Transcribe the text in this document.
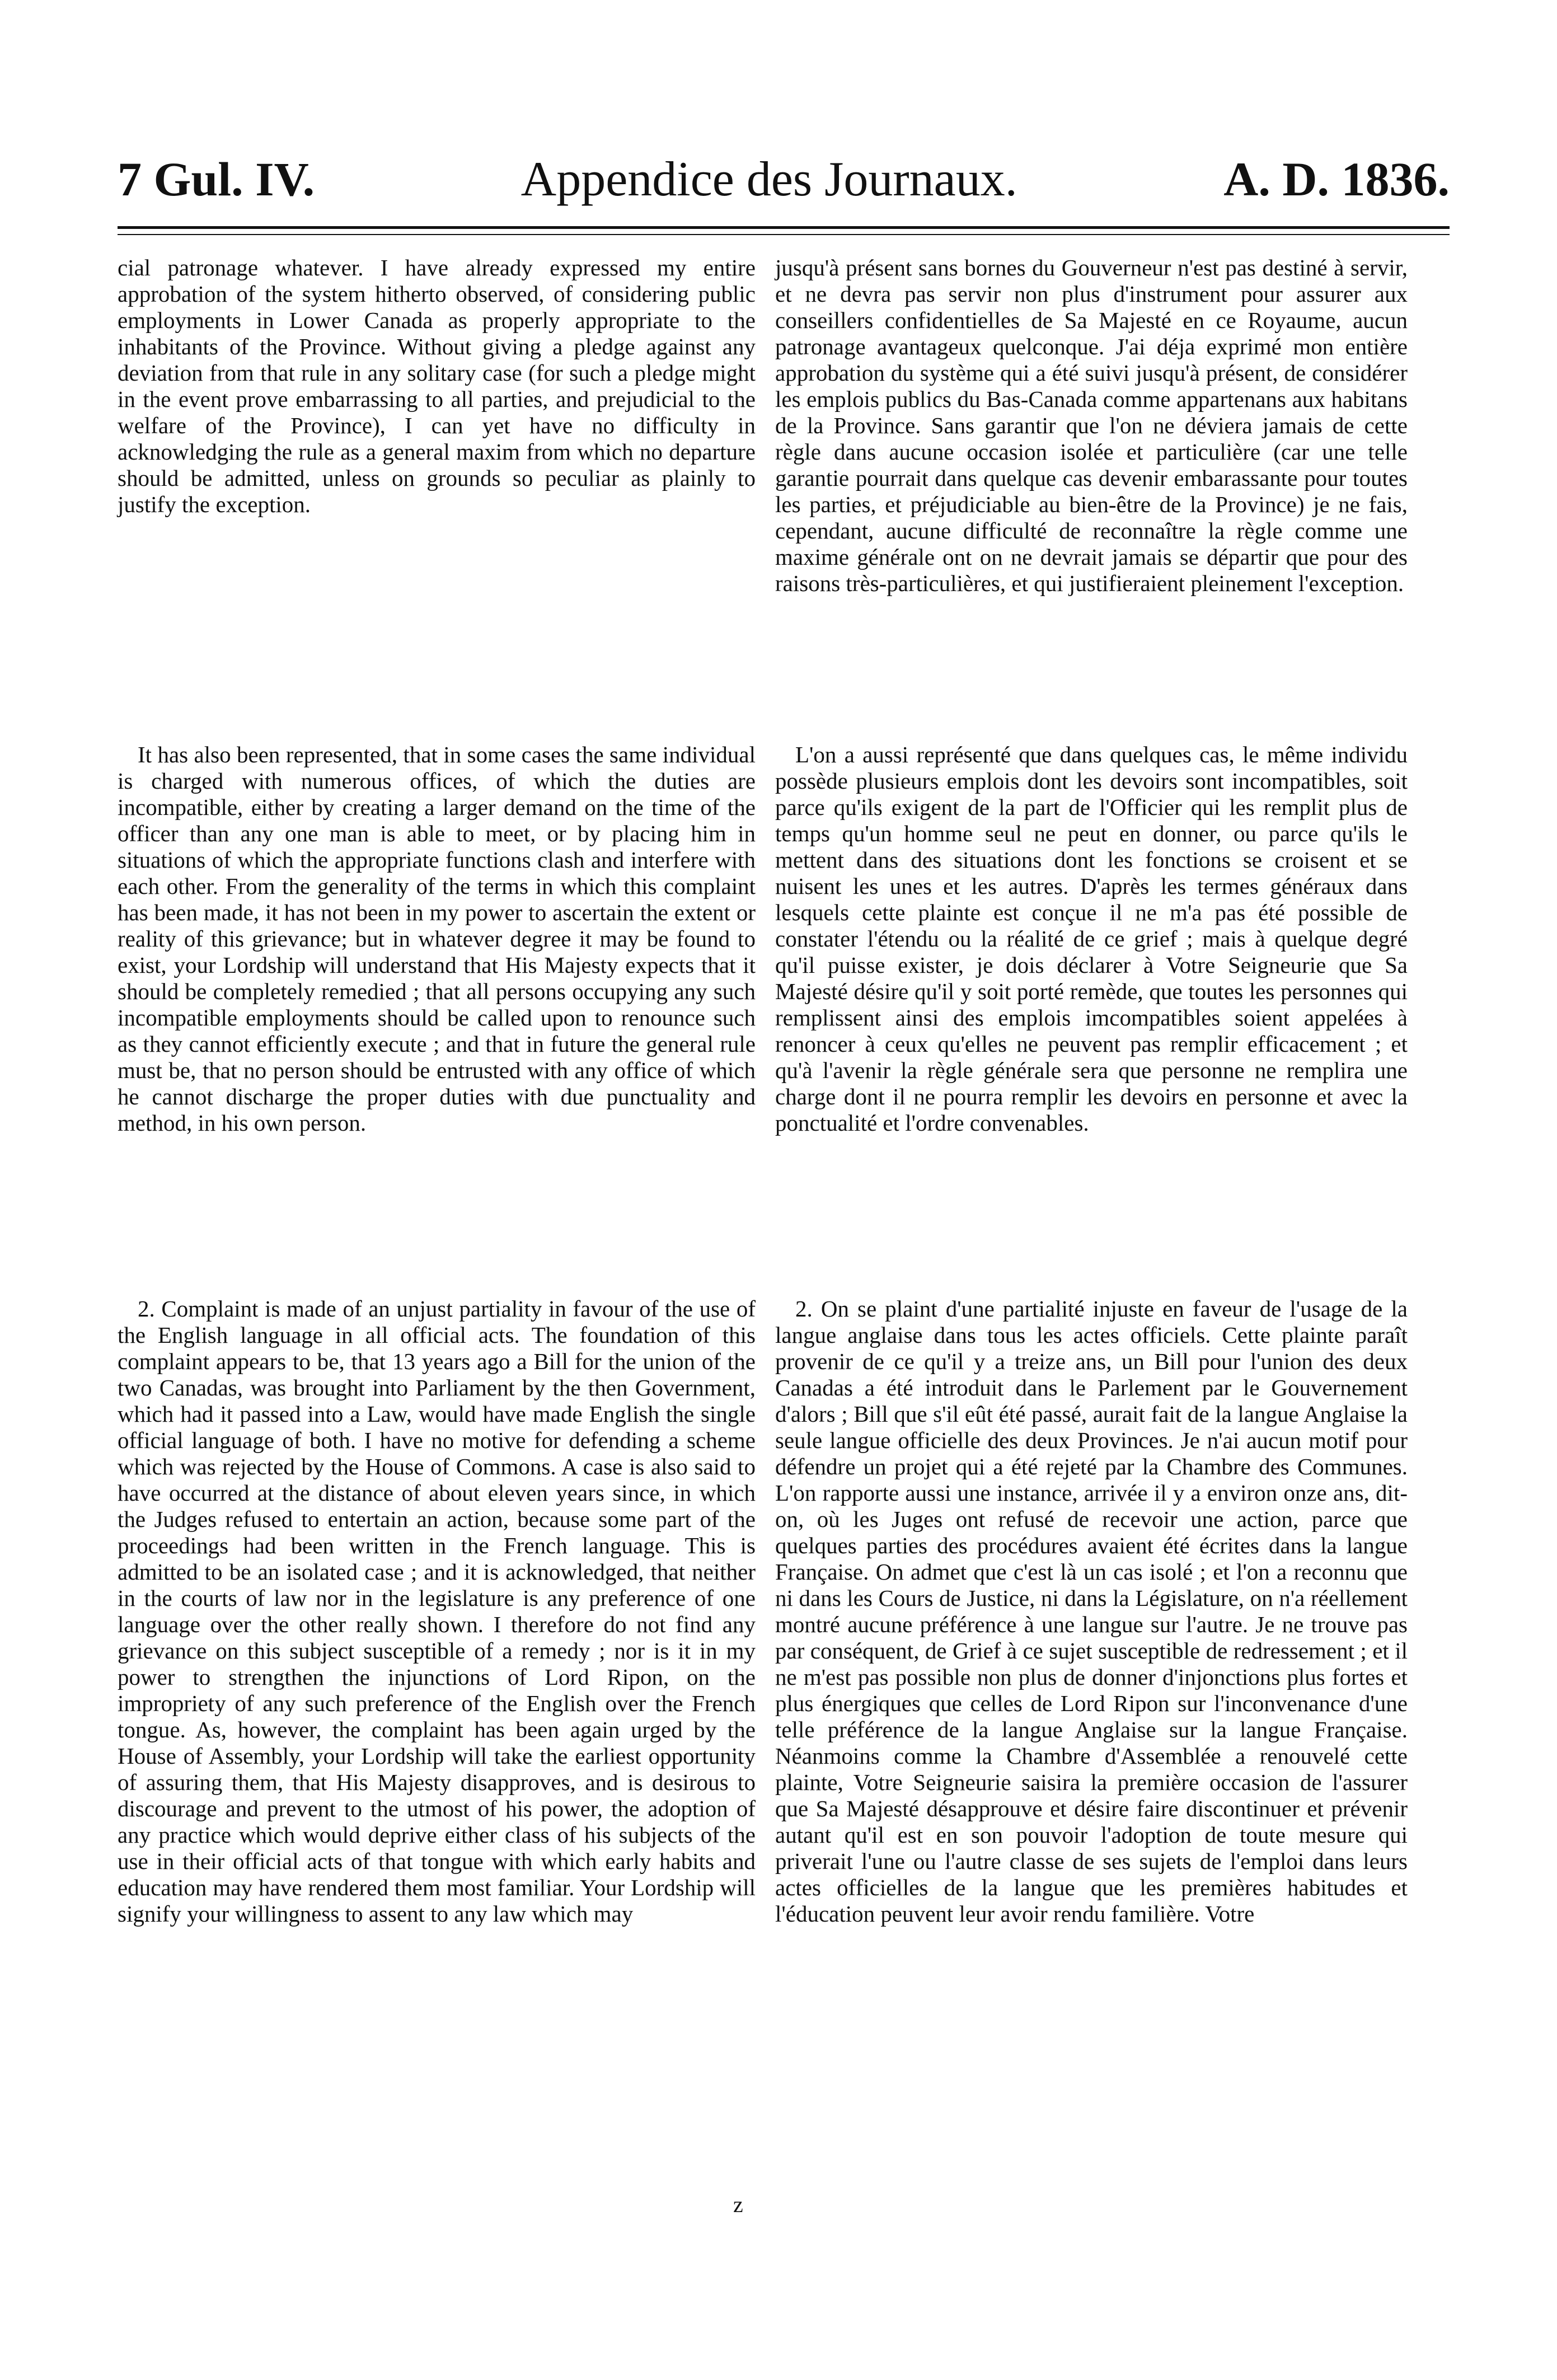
7 Gul. IV.	Appendice des Journaux.	A. D. 1836.

cial patronage whatever. I have already expressed my entire approbation of the system hitherto observed, of considering public employments in Lower Canada as properly appropriate to the inhabitants of the Province. Without giving a pledge against any deviation from that rule in any solitary case (for such a pledge might in the event prove embarrassing to all parties, and prejudicial to the welfare of the Province), I can yet have no difficulty in acknowledging the rule as a general maxim from which no departure should be admitted, unless on grounds so peculiar as plainly to justify the exception.

jusqu'à présent sans bornes du Gouverneur n'est pas destiné à servir, et ne devra pas servir non plus d'instrument pour assurer aux conseillers confidentielles de Sa Majesté en ce Royaume, aucun patronage avantageux quelconque. J'ai déja exprimé mon entière approbation du système qui a été suivi jusqu'à présent, de considérer les emplois publics du Bas-Canada comme appartenans aux habitans de la Province. Sans garantir que l'on ne déviera jamais de cette règle dans aucune occasion isolée et particulière (car une telle garantie pourrait dans quelque cas devenir embarassante pour toutes les parties, et préjudiciable au bien-être de la Province) je ne fais, cependant, aucune difficulté de reconnaître la règle comme une maxime générale ont on ne devrait jamais se départir que pour des raisons très-particulières, et qui justifieraient pleinement l'exception.

It has also been represented, that in some cases the same individual is charged with numerous offices, of which the duties are incompatible, either by creating a larger demand on the time of the officer than any one man is able to meet, or by placing him in situations of which the appropriate functions clash and interfere with each other. From the generality of the terms in which this complaint has been made, it has not been in my power to ascertain the extent or reality of this grievance; but in whatever degree it may be found to exist, your Lordship will understand that His Majesty expects that it should be completely remedied ; that all persons occupying any such incompatible employments should be called upon to renounce such as they cannot efficiently execute ; and that in future the general rule must be, that no person should be entrusted with any office of which he cannot discharge the proper duties with due punctuality and method, in his own person.

L'on a aussi représenté que dans quelques cas, le même individu possède plusieurs emplois dont les devoirs sont incompatibles, soit parce qu'ils exigent de la part de l'Officier qui les remplit plus de temps qu'un homme seul ne peut en donner, ou parce qu'ils le mettent dans des situations dont les fonctions se croisent et se nuisent les unes et les autres. D'après les termes généraux dans lesquels cette plainte est conçue il ne m'a pas été possible de constater l'étendu ou la réalité de ce grief ; mais à quelque degré qu'il puisse exister, je dois déclarer à Votre Seigneurie que Sa Majesté désire qu'il y soit porté remède, que toutes les personnes qui remplissent ainsi des emplois imcompatibles soient appelées à renoncer à ceux qu'elles ne peuvent pas remplir efficacement ; et qu'à l'avenir la règle générale sera que personne ne remplira une charge dont il ne pourra remplir les devoirs en personne et avec la ponctualité et l'ordre convenables.

2. Complaint is made of an unjust partiality in favour of the use of the English language in all official acts. The foundation of this complaint appears to be, that 13 years ago a Bill for the union of the two Canadas, was brought into Parliament by the then Government, which had it passed into a Law, would have made English the single official language of both. I have no motive for defending a scheme which was rejected by the House of Commons. A case is also said to have occurred at the distance of about eleven years since, in which the Judges refused to entertain an action, because some part of the proceedings had been written in the French language. This is admitted to be an isolated case ; and it is acknowledged, that neither in the courts of law nor in the legislature is any preference of one language over the other really shown. I therefore do not find any grievance on this subject susceptible of a remedy ; nor is it in my power to strengthen the injunctions of Lord Ripon, on the impropriety of any such preference of the English over the French tongue. As, however, the complaint has been again urged by the House of Assembly, your Lordship will take the earliest opportunity of assuring them, that His Majesty disapproves, and is desirous to discourage and prevent to the utmost of his power, the adoption of any practice which would deprive either class of his subjects of the use in their official acts of that tongue with which early habits and education may have rendered them most familiar. Your Lordship will signify your willingness to assent to any law which may

2. On se plaint d'une partialité injuste en faveur de l'usage de la langue anglaise dans tous les actes officiels. Cette plainte paraît provenir de ce qu'il y a treize ans, un Bill pour l'union des deux Canadas a été introduit dans le Parlement par le Gouvernement d'alors ; Bill que s'il eût été passé, aurait fait de la langue Anglaise la seule langue officielle des deux Provinces. Je n'ai aucun motif pour défendre un projet qui a été rejeté par la Chambre des Communes. L'on rapporte aussi une instance, arrivée il y a environ onze ans, dit-on, où les Juges ont refusé de recevoir une action, parce que quelques parties des procédures avaient été écrites dans la langue Française. On admet que c'est là un cas isolé ; et l'on a reconnu que ni dans les Cours de Justice, ni dans la Législature, on n'a réellement montré aucune préférence à une langue sur l'autre. Je ne trouve pas par conséquent, de Grief à ce sujet susceptible de redressement ; et il ne m'est pas possible non plus de donner d'injonctions plus fortes et plus énergiques que celles de Lord Ripon sur l'inconvenance d'une telle préférence de la langue Anglaise sur la langue Française. Néanmoins comme la Chambre d'Assemblée a renouvelé cette plainte, Votre Seigneurie saisira la première occasion de l'assurer que Sa Majesté désapprouve et désire faire discontinuer et prévenir autant qu'il est en son pouvoir l'adoption de toute mesure qui priverait l'une ou l'autre classe de ses sujets de l'emploi dans leurs actes officielles de la langue que les premières habitudes et l'éducation peuvent leur avoir rendu familière. Votre

z
